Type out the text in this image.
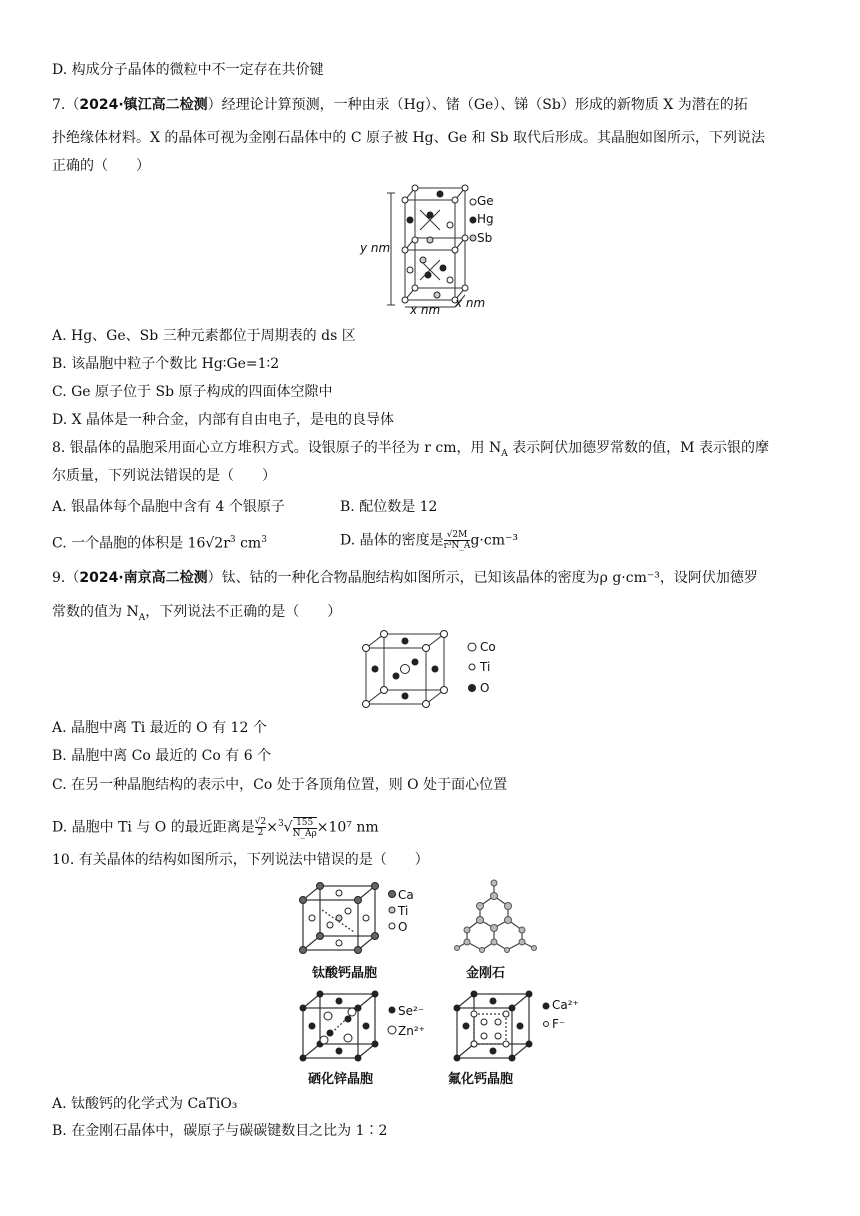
D. 构成分子晶体的微粒中不一定存在共价键
7.（2024·镇江高二检测）经理论计算预测，一种由汞（Hg）、锗（Ge）、锑（Sb）形成的新物质 X 为潜在的拓
扑绝缘体材料。X 的晶体可视为金刚石晶体中的 C 原子被 Hg、Ge 和 Sb 取代后形成。其晶胞如图所示，下列说法
正确的（　　）
Ge
Hg
Sb
y nm
x nm x nm
A. Hg、Ge、Sb 三种元素都位于周期表的 ds 区
B. 该晶胞中粒子个数比 Hg∶Ge=1∶2
C. Ge 原子位于 Sb 原子构成的四面体空隙中
D. X 晶体是一种合金，内部有自由电子，是电的良导体
8. 银晶体的晶胞采用面心立方堆积方式。设银原子的半径为 r cm，用 $N_A$ 表示阿伏加德罗常数的值，M 表示银的摩
尔质量，下列说法错误的是（　　）
A. 银晶体每个晶胞中含有 4 个银原子	B. 配位数是 12
C. 一个晶胞的体积是 $16√2r^3$ $cm^3$	D. 晶体的密度是 $\frac{√2M}{\text{r³N\_A}} g\cdot cm^{-3}$
9.（2024·南京高二检测）钛、钴的一种化合物晶胞结构如图所示，已知该晶体的密度为ρ g·cm⁻³，设阿伏加德罗
常数的值为 $N_A$，下列说法不正确的是（　　）
Co
Ti
O
A. 晶胞中离 Ti 最近的 O 有 12 个
B. 晶胞中离 Co 最近的 Co 有 6 个
C. 在另一种晶胞结构的表示中，Co 处于各顶角位置，则 O 处于面心位置
D. 晶胞中 Ti 与 O 的最近距离是 $\frac{√2}{2} \times^3√ \frac{155}{N\_A\rho} \times 10^7$ nm
10. 有关晶体的结构如图所示，下列说法中错误的是（　　）
Ca
Ti
O
钛酸钙晶胞	金刚石
Se²⁻
Zn²⁺
硒化锌晶胞
Ca²⁺
F⁻
氟化钙晶胞
A. 钛酸钙的化学式为 CaTiO₃
B. 在金刚石晶体中，碳原子与碳碳键数目之比为 1∶2
